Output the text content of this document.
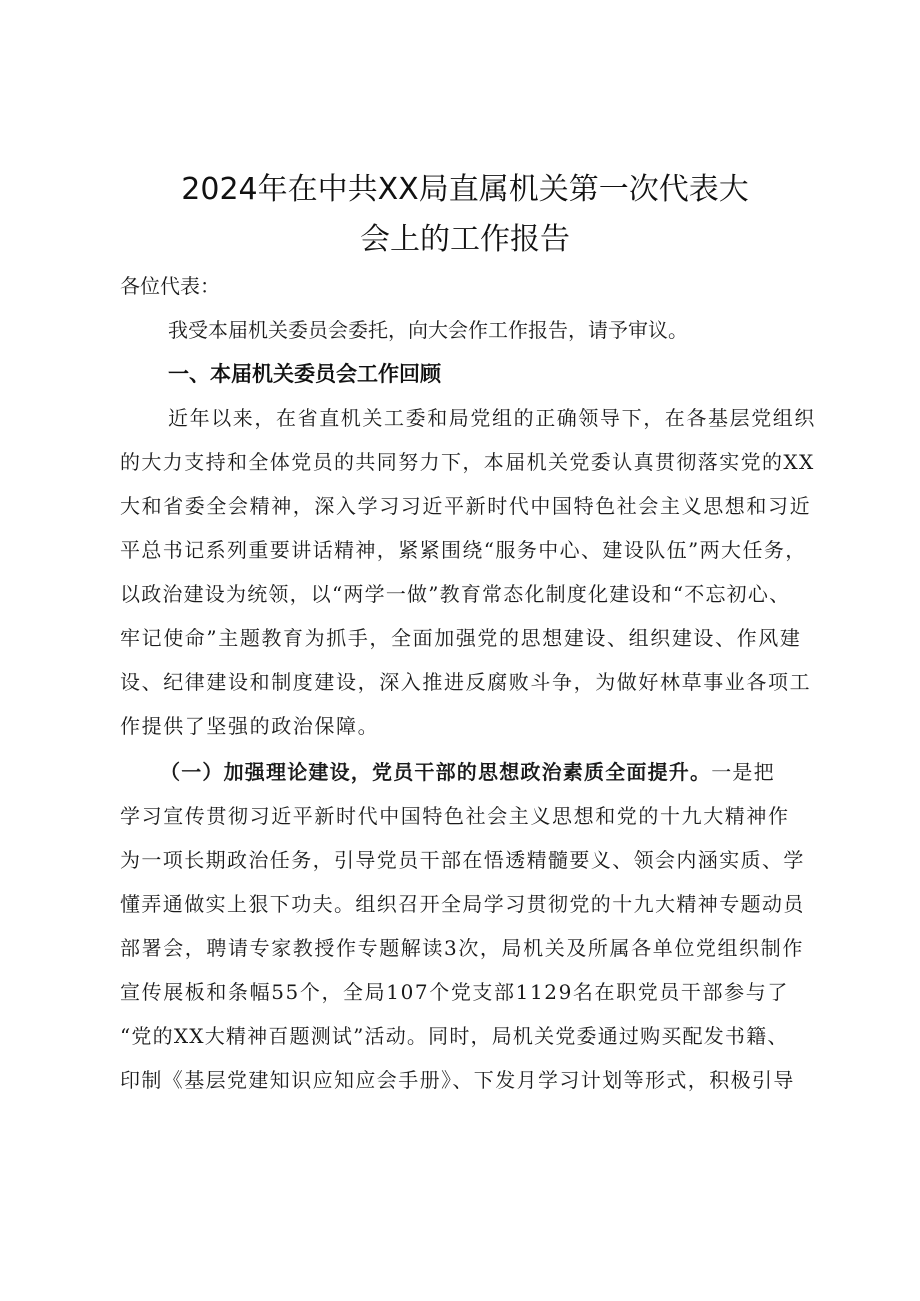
2024年在中共XX局直属机关第一次代表大
会上的工作报告

各位代表：

我受本届机关委员会委托，向大会作工作报告，请予审议。

一、本届机关委员会工作回顾

近年以来，在省直机关工委和局党组的正确领导下，在各基层党组织

的大力支持和全体党员的共同努力下，本届机关党委认真贯彻落实党的XX

大和省委全会精神，深入学习习近平新时代中国特色社会主义思想和习近

平总书记系列重要讲话精神，紧紧围绕“服务中心、建设队伍”两大任务，

以政治建设为统领，以“两学一做”教育常态化制度化建设和“不忘初心、

牢记使命”主题教育为抓手，全面加强党的思想建设、组织建设、作风建

设、纪律建设和制度建设，深入推进反腐败斗争，为做好林草事业各项工

作提供了坚强的政治保障。

（一）加强理论建设，党员干部的思想政治素质全面提升。一是把

学习宣传贯彻习近平新时代中国特色社会主义思想和党的十九大精神作

为一项长期政治任务，引导党员干部在悟透精髓要义、领会内涵实质、学

懂弄通做实上狠下功夫。组织召开全局学习贯彻党的十九大精神专题动员

部署会，聘请专家教授作专题解读3次，局机关及所属各单位党组织制作

宣传展板和条幅55个，全局107个党支部1129名在职党员干部参与了

“党的XX大精神百题测试”活动。同时，局机关党委通过购买配发书籍、

印制《基层党建知识应知应会手册》、下发月学习计划等形式，积极引导
